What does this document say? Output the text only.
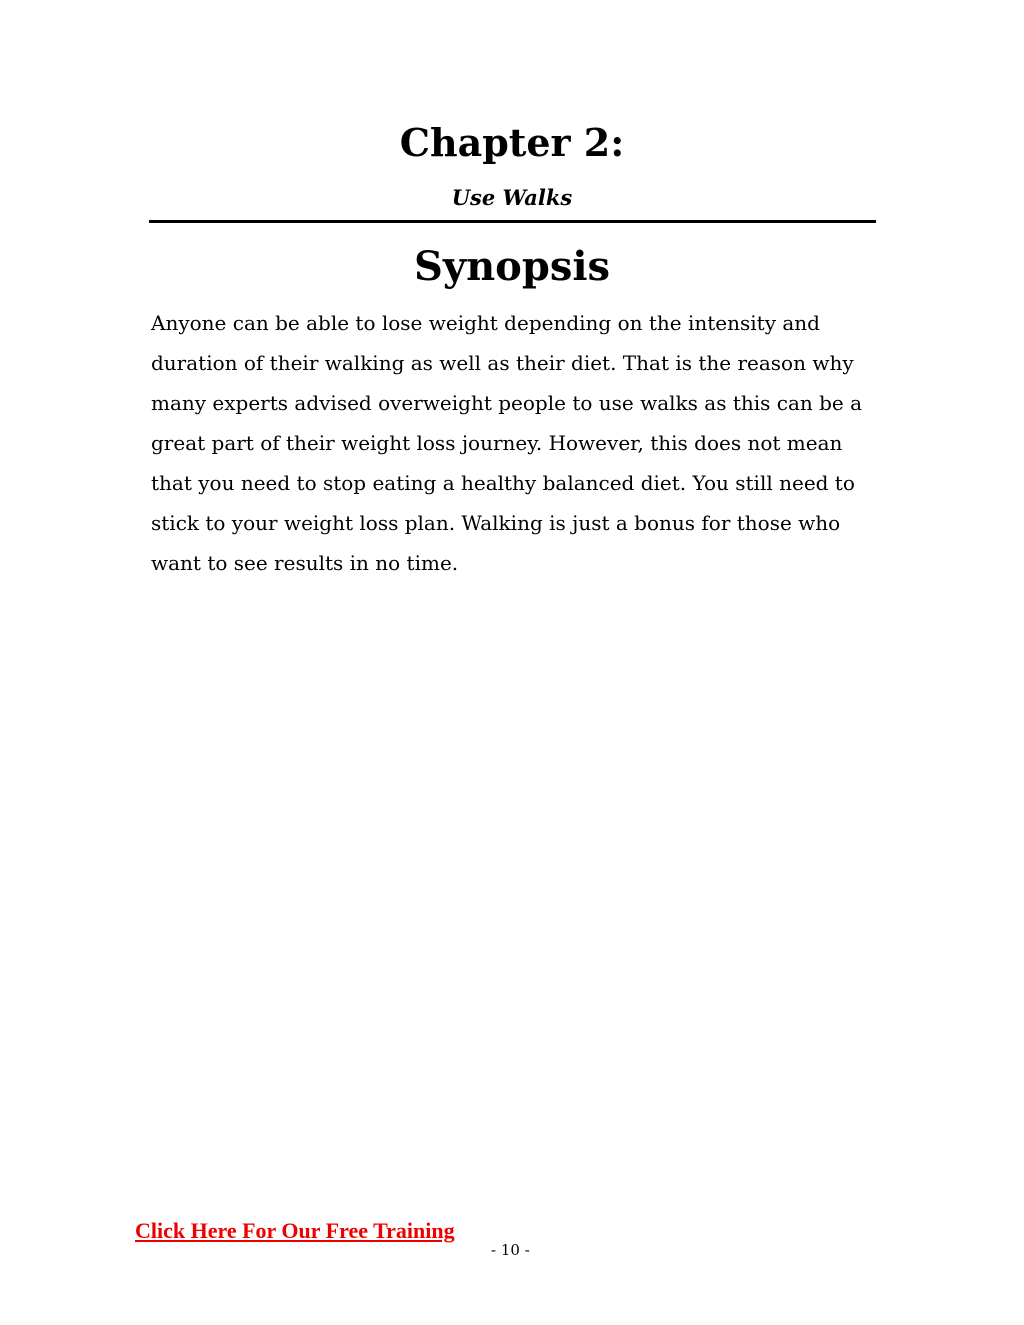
Chapter 2:
Use Walks
Synopsis

Anyone can be able to lose weight depending on the intensity and duration of their walking as well as their diet. That is the reason why many experts advised overweight people to use walks as this can be a great part of their weight loss journey. However, this does not mean that you need to stop eating a healthy balanced diet. You still need to stick to your weight loss plan. Walking is just a bonus for those who want to see results in no time.

Click Here For Our Free Training
- 10 -
